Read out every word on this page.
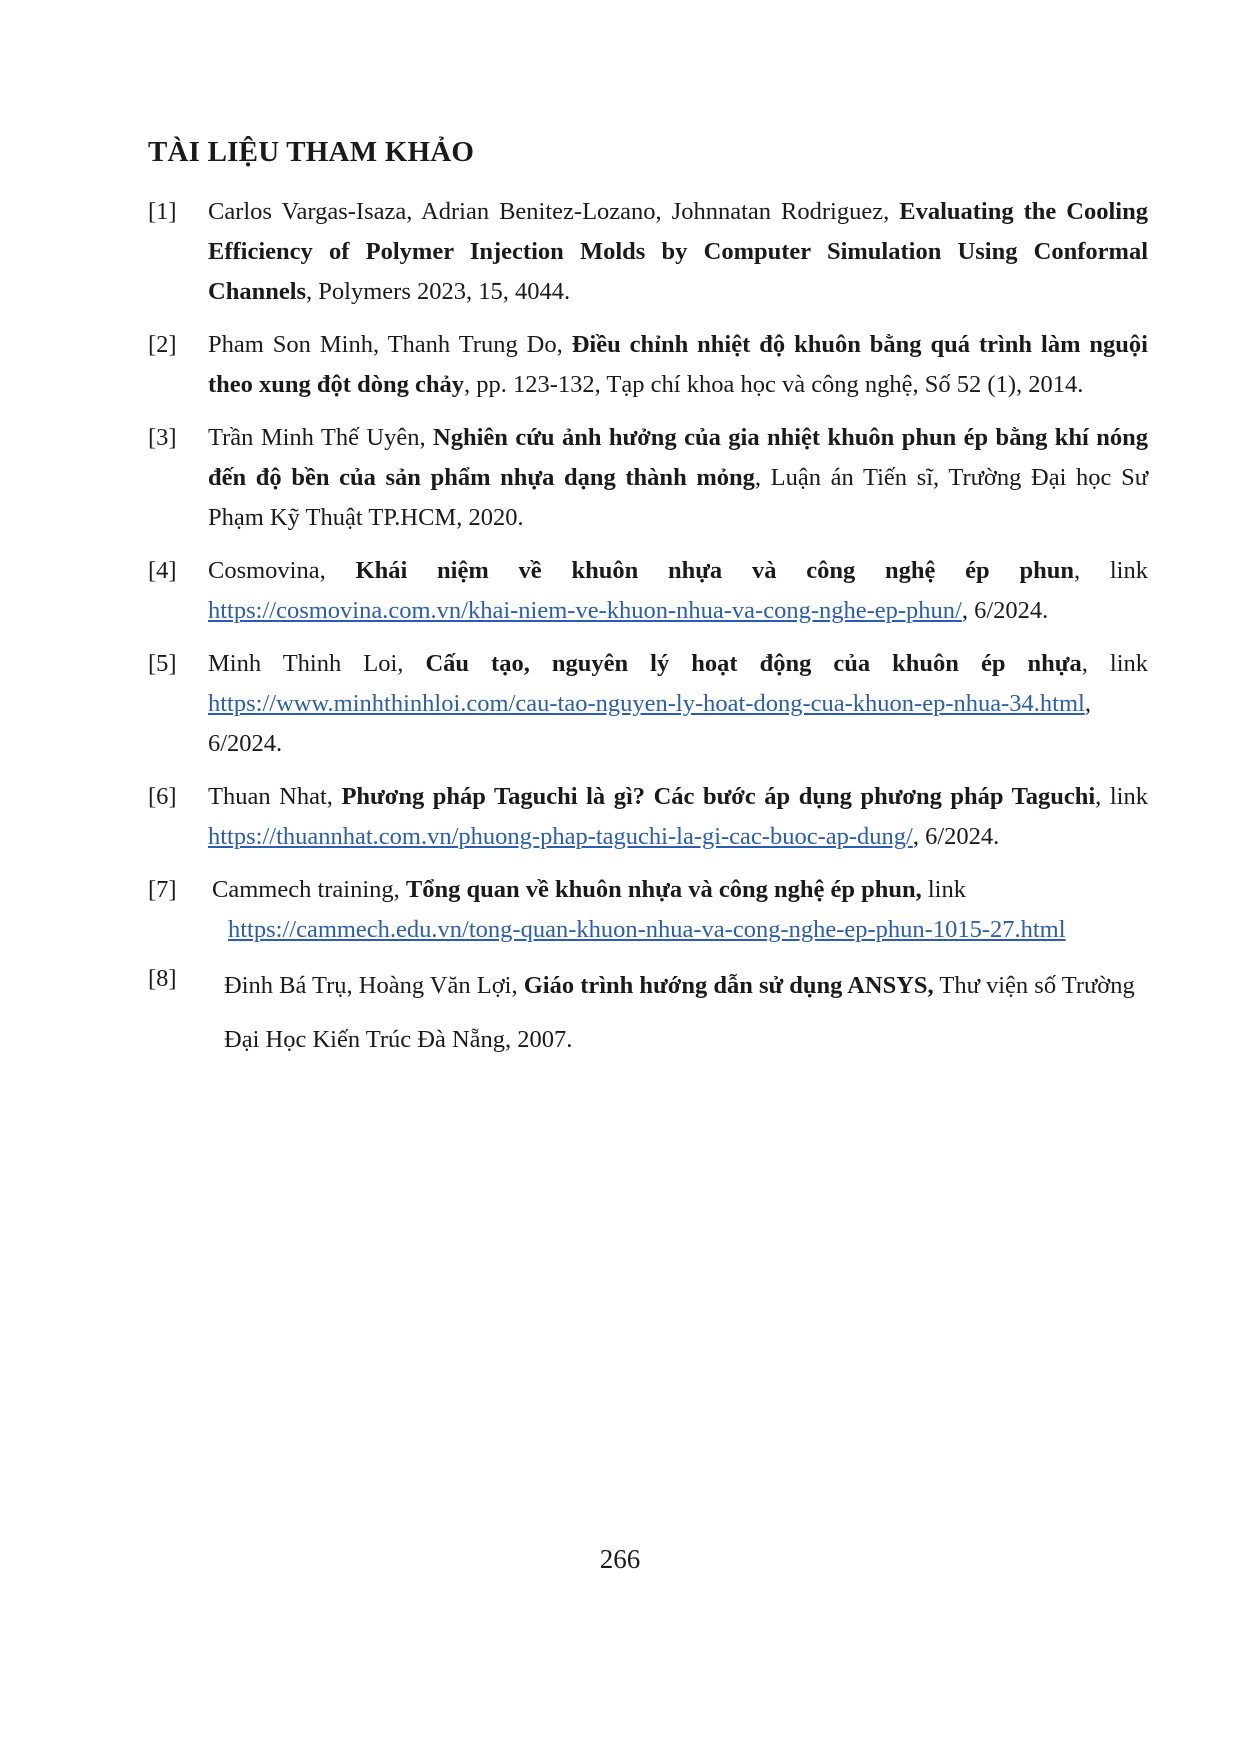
TÀI LIỆU THAM KHẢO
[1] Carlos Vargas-Isaza, Adrian Benitez-Lozano, Johnnatan Rodriguez, Evaluating the Cooling Efficiency of Polymer Injection Molds by Computer Simulation Using Conformal Channels, Polymers 2023, 15, 4044.
[2] Pham Son Minh, Thanh Trung Do, Điều chỉnh nhiệt độ khuôn bằng quá trình làm nguội theo xung đột dòng chảy, pp. 123-132, Tạp chí khoa học và công nghệ, Số 52 (1), 2014.
[3] Trần Minh Thế Uyên, Nghiên cứu ảnh hưởng của gia nhiệt khuôn phun ép bằng khí nóng đến độ bền của sản phẩm nhựa dạng thành mỏng, Luận án Tiến sĩ, Trường Đại học Sư Phạm Kỹ Thuật TP.HCM, 2020.
[4] Cosmovina, Khái niệm về khuôn nhựa và công nghệ ép phun, link https://cosmovina.com.vn/khai-niem-ve-khuon-nhua-va-cong-nghe-ep-phun/, 6/2024.
[5] Minh Thinh Loi, Cấu tạo, nguyên lý hoạt động của khuôn ép nhựa, link https://www.minhthinhloi.com/cau-tao-nguyen-ly-hoat-dong-cua-khuon-ep-nhua-34.html, 6/2024.
[6] Thuan Nhat, Phương pháp Taguchi là gì? Các bước áp dụng phương pháp Taguchi, link https://thuannhat.com.vn/phuong-phap-taguchi-la-gi-cac-buoc-ap-dung/, 6/2024.
[7] Cammech training, Tổng quan về khuôn nhựa và công nghệ ép phun, link
https://cammech.edu.vn/tong-quan-khuon-nhua-va-cong-nghe-ep-phun-1015-27.html
[8]	Đinh Bá Trụ, Hoàng Văn Lợi, Giáo trình hướng dẫn sử dụng ANSYS, Thư viện số Trường Đại Học Kiến Trúc Đà Nẵng, 2007.
266
